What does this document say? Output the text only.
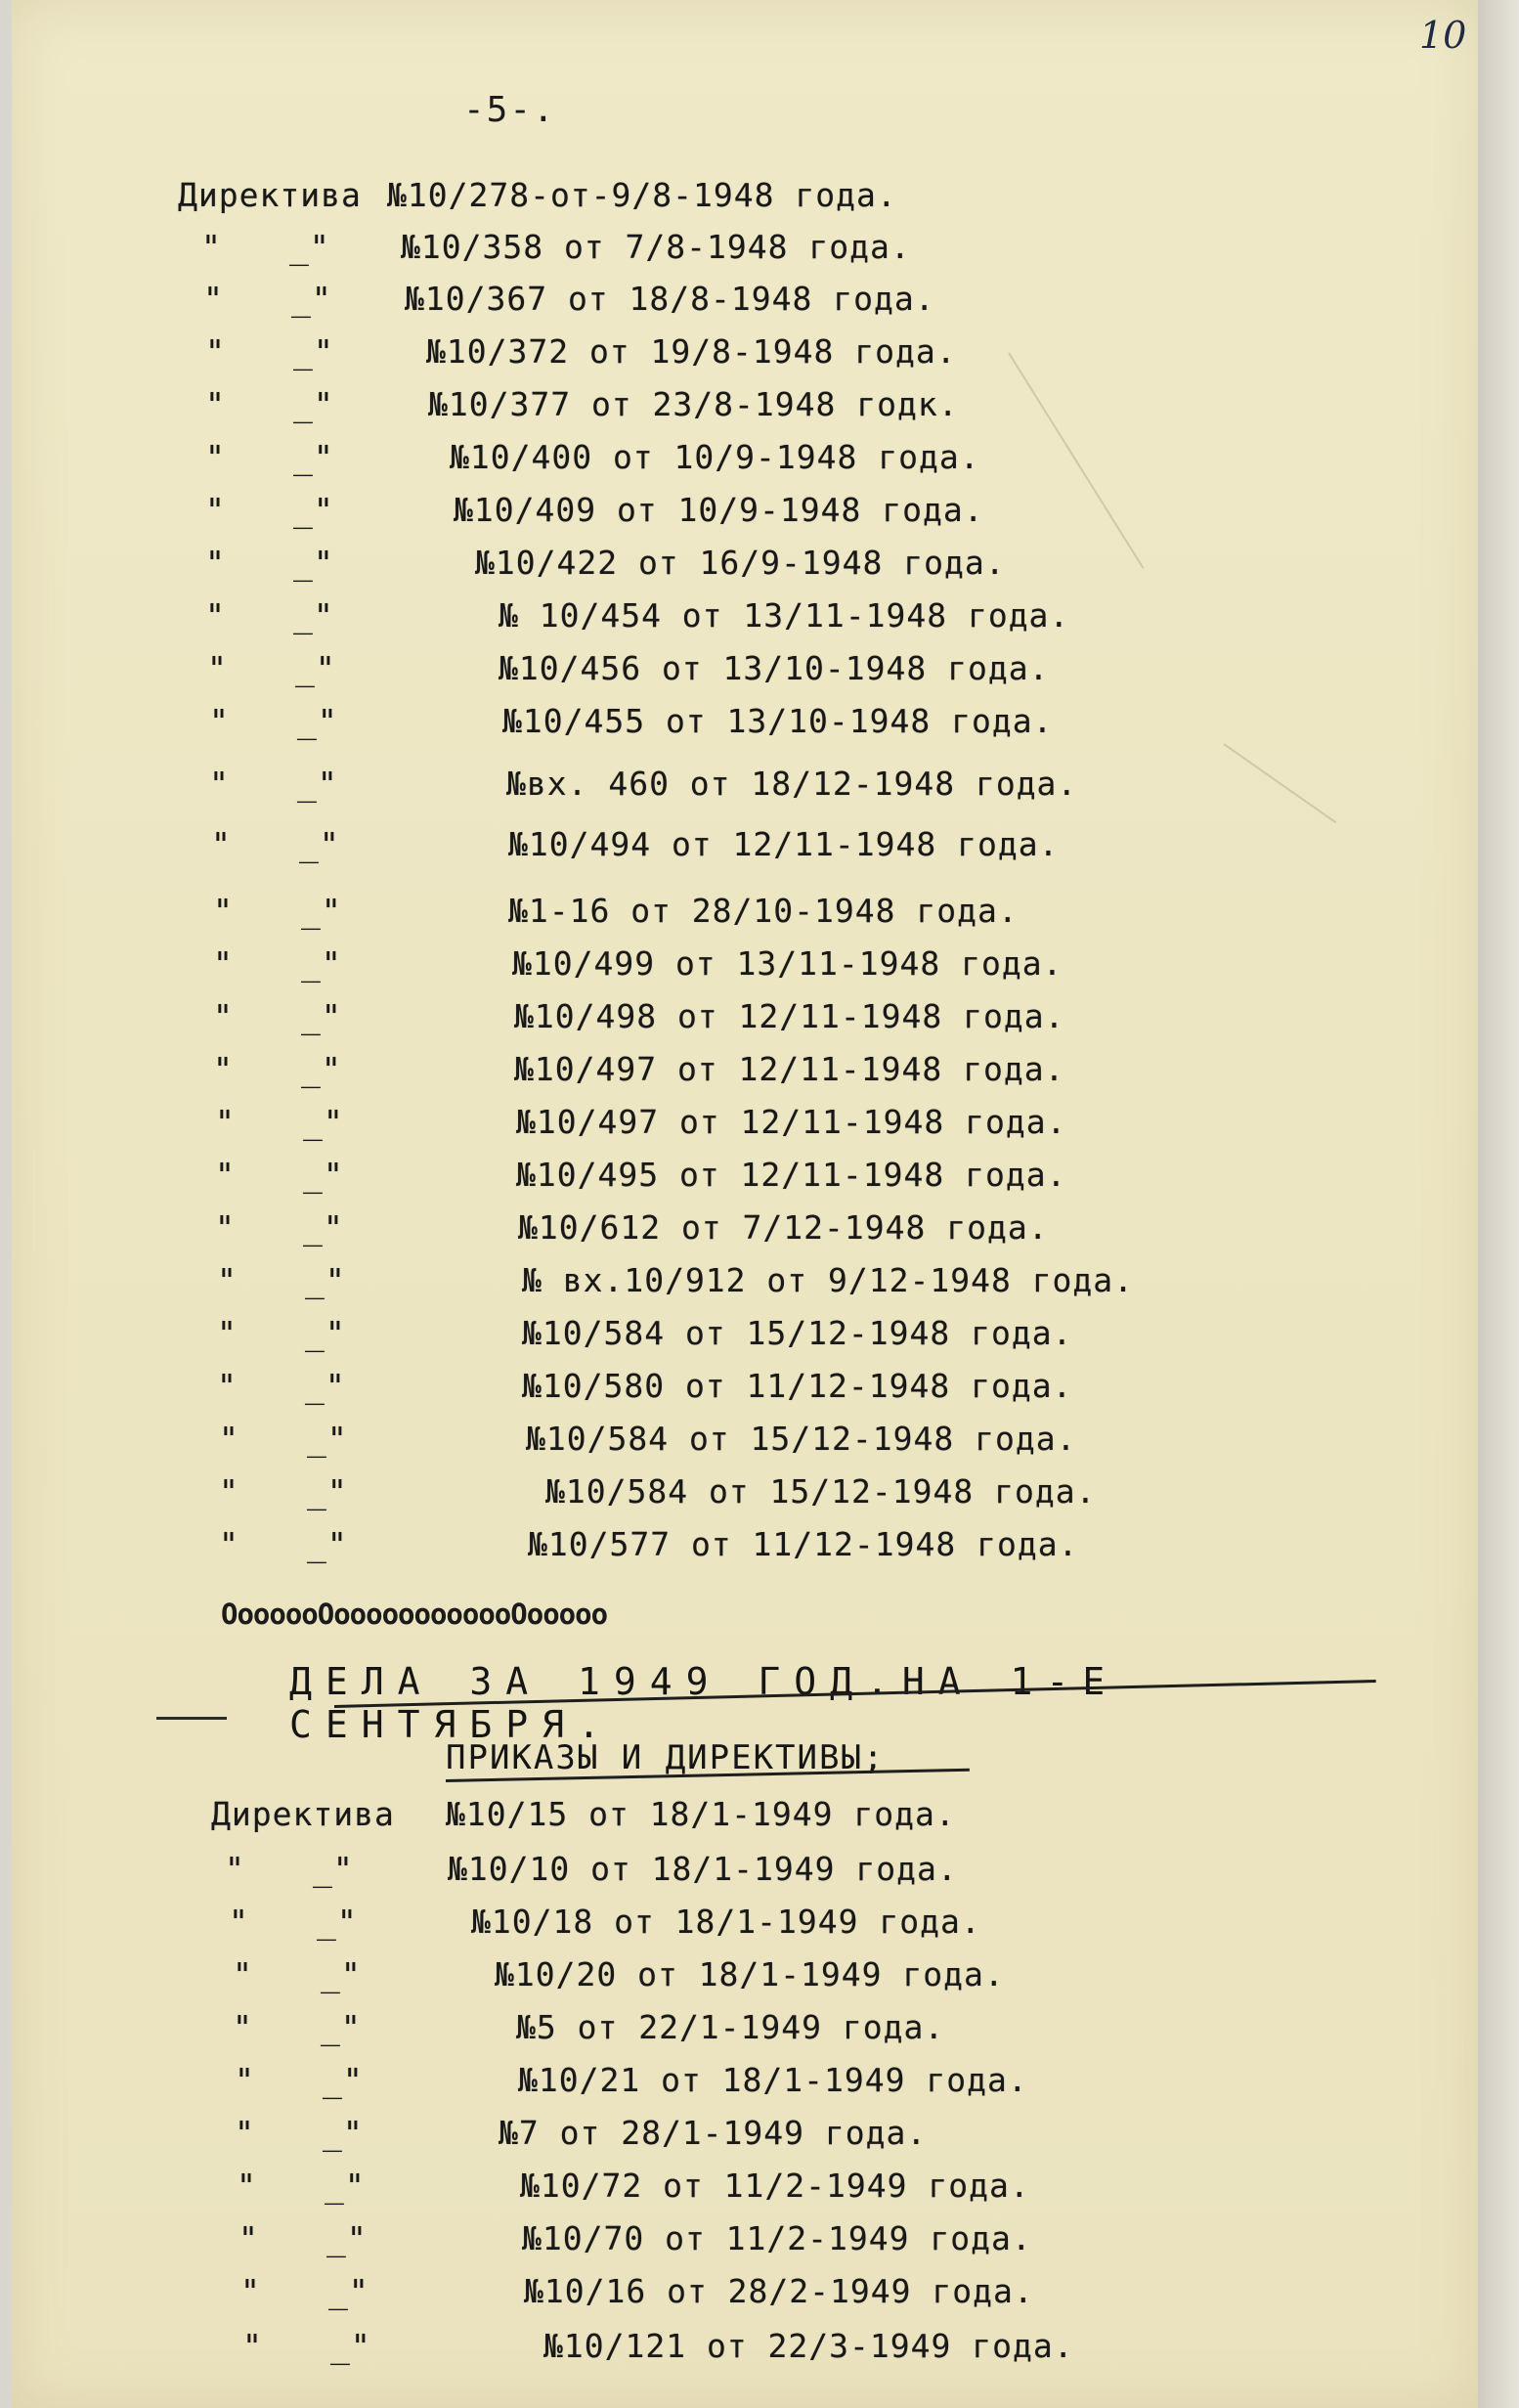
10
-5-.
Директива №10/278-от-9/8-1948 года.
" _" №10/358 от 7/8-1948 года.
" _" №10/367 от 18/8-1948 года.
" _"	№10/372 от 19/8-1948 года.
" _"	№10/377 от 23/8-1948 годк.
" _"	№10/400 от 10/9-1948 года.
" _"	№10/409 от 10/9-1948 года.
" _"	№10/422 от 16/9-1948 года.
" _"	№ 10/454 от 13/11-1948 года.
" _"	№10/456 от 13/10-1948 года.
" _"	№10/455 от 13/10-1948 года.
" _"	№вх. 460 от 18/12-1948 года.
" _"	№10/494 от 12/11-1948 года.
" _"	№1-16 от 28/10-1948 года.
" _"	№10/499 от 13/11-1948 года.
" _"	№10/498 от 12/11-1948 года.
" _"	№10/497 от 12/11-1948 года.
" _"	№10/497 от 12/11-1948 года.
" _"	№10/495 от 12/11-1948 года.
" _"	№10/612 от 7/12-1948 года.
" _"	№ вх.10/912 от 9/12-1948 года.
" _"	№10/584 от 15/12-1948 года.
" _"	№10/580 от 11/12-1948 года.
" _"	№10/584 от 15/12-1948 года.
" _"	№10/584 от 15/12-1948 года.
" _"	№10/577 от 11/12-1948 года.
ОоооооОоооооооооооОооооо
ДЕЛА ЗА 1949 ГОД.НА 1-Е СЕНТЯБРЯ.
ПРИКАЗЫ И ДИРЕКТИВЫ;
Директива №10/15 от 18/1-1949 года.
" _"	№10/10 от 18/1-1949 года.
" _"	№10/18 от 18/1-1949 года.
" _"	№10/20 от 18/1-1949 года.
" _"	№5 от 22/1-1949 года.
" _"	№10/21 от 18/1-1949 года.
" _"	№7 от 28/1-1949 года.
" _"	№10/72 от 11/2-1949 года.
" _"	№10/70 от 11/2-1949 года.
" _"	№10/16 от 28/2-1949 года.
" _"	№10/121 от 22/3-1949 года.
